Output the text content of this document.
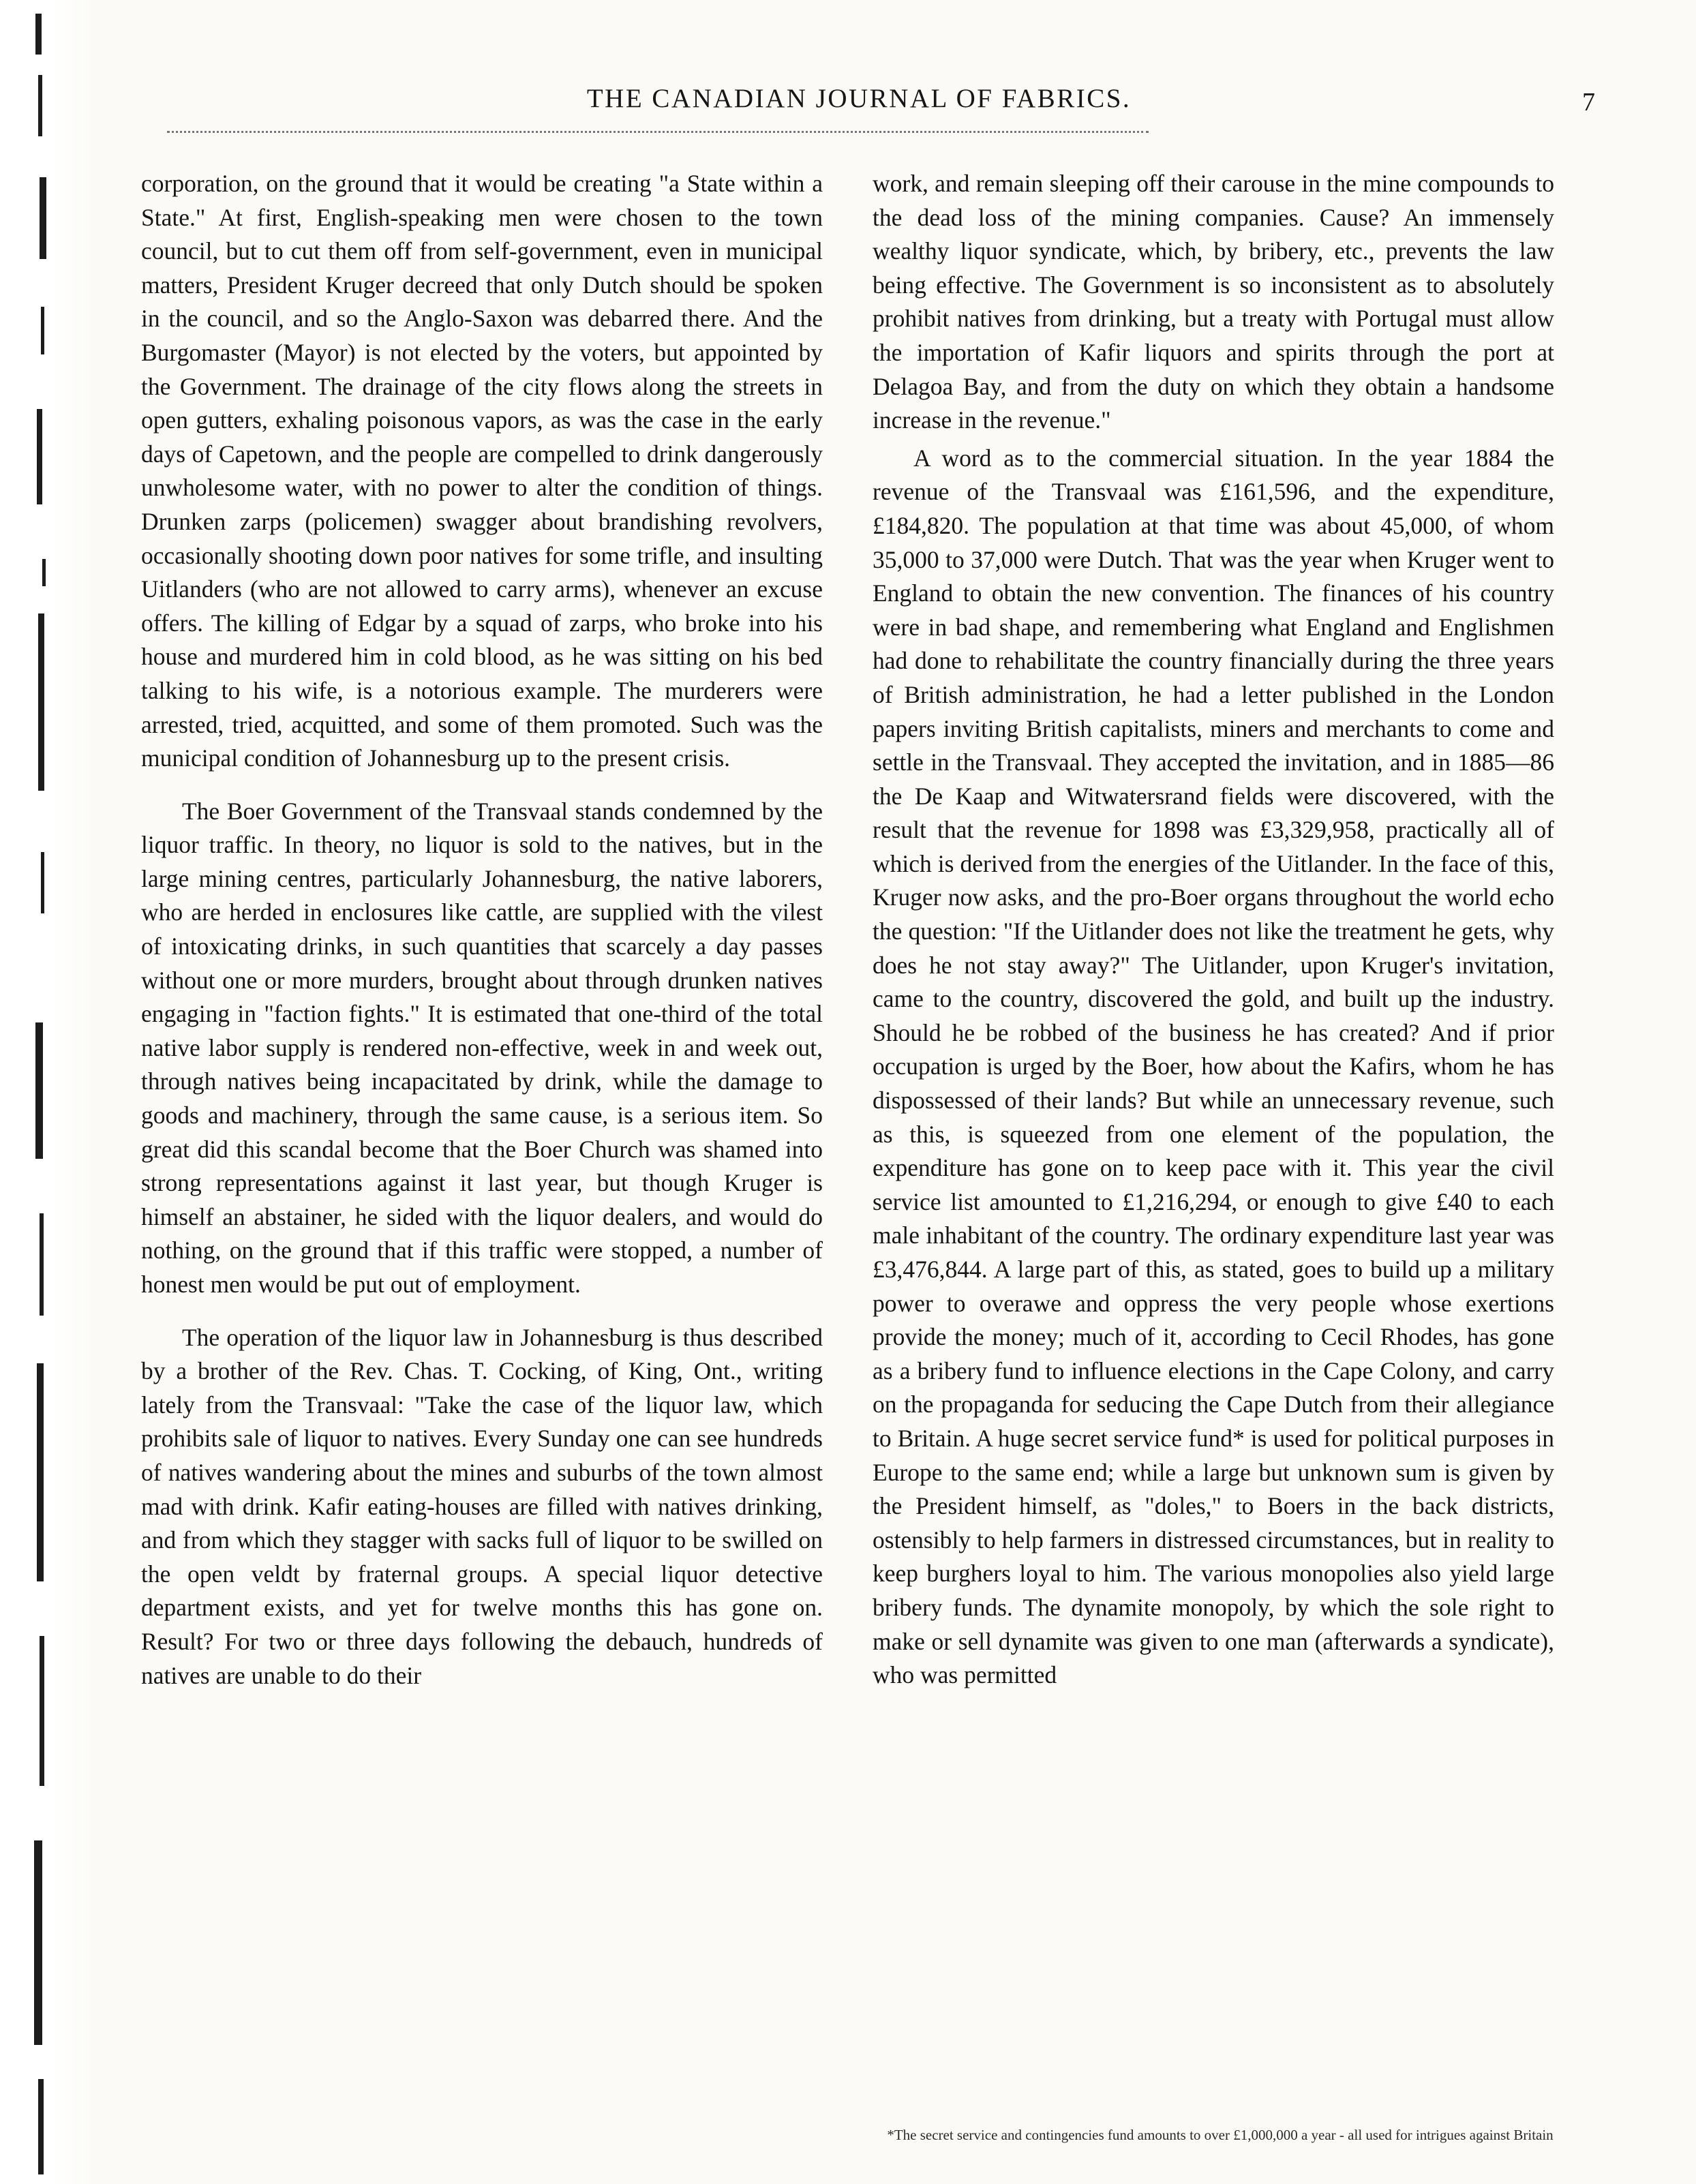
THE CANADIAN JOURNAL OF FABRICS.	7

corporation, on the ground that it would be creating "a State within a State." At first, English-speaking men were chosen to the town council, but to cut them off from self-government, even in municipal matters, President Kruger decreed that only Dutch should be spoken in the council, and so the Anglo-Saxon was debarred there. And the Burgomaster (Mayor) is not elected by the voters, but appointed by the Government. The drainage of the city flows along the streets in open gutters, exhaling poisonous vapors, as was the case in the early days of Capetown, and the people are compelled to drink dangerously unwholesome water, with no power to alter the condition of things. Drunken zarps (policemen) swagger about brandishing revolvers, occasionally shooting down poor natives for some trifle, and insulting Uitlanders (who are not allowed to carry arms), whenever an excuse offers. The killing of Edgar by a squad of zarps, who broke into his house and murdered him in cold blood, as he was sitting on his bed talking to his wife, is a notorious example. The murderers were arrested, tried, acquitted, and some of them promoted. Such was the municipal condition of Johannesburg up to the present crisis.

The Boer Government of the Transvaal stands condemned by the liquor traffic. In theory, no liquor is sold to the natives, but in the large mining centres, particularly Johannesburg, the native laborers, who are herded in enclosures like cattle, are supplied with the vilest of intoxicating drinks, in such quantities that scarcely a day passes without one or more murders, brought about through drunken natives engaging in "faction fights." It is estimated that one-third of the total native labor supply is rendered non-effective, week in and week out, through natives being incapacitated by drink, while the damage to goods and machinery, through the same cause, is a serious item. So great did this scandal become that the Boer Church was shamed into strong representations against it last year, but though Kruger is himself an abstainer, he sided with the liquor dealers, and would do nothing, on the ground that if this traffic were stopped, a number of honest men would be put out of employment.

The operation of the liquor law in Johannesburg is thus described by a brother of the Rev. Chas. T. Cocking, of King, Ont., writing lately from the Transvaal: "Take the case of the liquor law, which prohibits sale of liquor to natives. Every Sunday one can see hundreds of natives wandering about the mines and suburbs of the town almost mad with drink. Kafir eating-houses are filled with natives drinking, and from which they stagger with sacks full of liquor to be swilled on the open veldt by fraternal groups. A special liquor detective department exists, and yet for twelve months this has gone on. Result? For two or three days following the debauch, hundreds of natives are unable to do their

work, and remain sleeping off their carouse in the mine compounds to the dead loss of the mining companies. Cause? An immensely wealthy liquor syndicate, which, by bribery, etc., prevents the law being effective. The Government is so inconsistent as to absolutely prohibit natives from drinking, but a treaty with Portugal must allow the importation of Kafir liquors and spirits through the port at Delagoa Bay, and from the duty on which they obtain a handsome increase in the revenue."

A word as to the commercial situation. In the year 1884 the revenue of the Transvaal was £161,596, and the expenditure, £184,820. The population at that time was about 45,000, of whom 35,000 to 37,000 were Dutch. That was the year when Kruger went to England to obtain the new convention. The finances of his country were in bad shape, and remembering what England and Englishmen had done to rehabilitate the country financially during the three years of British administration, he had a letter published in the London papers inviting British capitalists, miners and merchants to come and settle in the Transvaal. They accepted the invitation, and in 1885—86 the De Kaap and Witwatersrand fields were discovered, with the result that the revenue for 1898 was £3,329,958, practically all of which is derived from the energies of the Uitlander. In the face of this, Kruger now asks, and the pro-Boer organs throughout the world echo the question: "If the Uitlander does not like the treatment he gets, why does he not stay away?" The Uitlander, upon Kruger's invitation, came to the country, discovered the gold, and built up the industry. Should he be robbed of the business he has created? And if prior occupation is urged by the Boer, how about the Kafirs, whom he has dispossessed of their lands? But while an unnecessary revenue, such as this, is squeezed from one element of the population, the expenditure has gone on to keep pace with it. This year the civil service list amounted to £1,216,294, or enough to give £40 to each male inhabitant of the country. The ordinary expenditure last year was £3,476,844. A large part of this, as stated, goes to build up a military power to overawe and oppress the very people whose exertions provide the money; much of it, according to Cecil Rhodes, has gone as a bribery fund to influence elections in the Cape Colony, and carry on the propaganda for seducing the Cape Dutch from their allegiance to Britain. A huge secret service fund* is used for political purposes in Europe to the same end; while a large but unknown sum is given by the President himself, as "doles," to Boers in the back districts, ostensibly to help farmers in distressed circumstances, but in reality to keep burghers loyal to him. The various monopolies also yield large bribery funds. The dynamite monopoly, by which the sole right to make or sell dynamite was given to one man (afterwards a syndicate), who was permitted

*The secret service and contingencies fund amounts to over £1,000,000 a year - all used for intrigues against Britain
